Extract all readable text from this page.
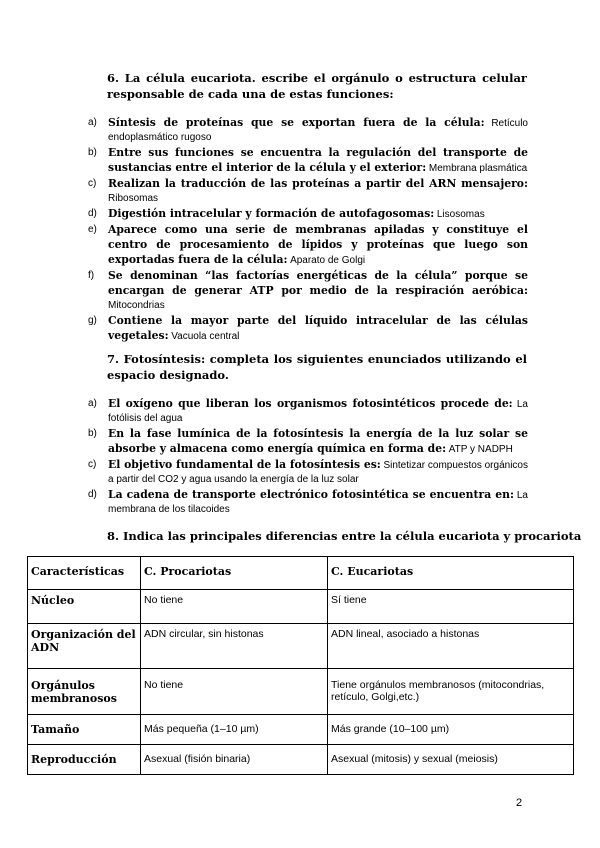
6. La célula eucariota. escribe el orgánulo o estructura celular responsable de cada una de estas funciones:
a) Síntesis de proteínas que se exportan fuera de la célula: Retículo endoplasmático rugoso
b) Entre sus funciones se encuentra la regulación del transporte de sustancias entre el interior de la célula y el exterior: Membrana plasmática
c) Realizan la traducción de las proteínas a partir del ARN mensajero: Ribosomas
d) Digestión intracelular y formación de autofagosomas: Lisosomas
e) Aparece como una serie de membranas apiladas y constituye el centro de procesamiento de lípidos y proteínas que luego son exportadas fuera de la célula: Aparato de Golgi
f) Se denominan “las factorías energéticas de la célula” porque se encargan de generar ATP por medio de la respiración aeróbica: Mitocondrias
g) Contiene la mayor parte del líquido intracelular de las células vegetales: Vacuola central
7. Fotosíntesis: completa los siguientes enunciados utilizando el espacio designado.
a) El oxígeno que liberan los organismos fotosintéticos procede de: La fotólisis del agua
b) En la fase lumínica de la fotosíntesis la energía de la luz solar se absorbe y almacena como energía química en forma de: ATP y NADPH
c) El objetivo fundamental de la fotosíntesis es: Sintetizar compuestos orgánicos a partir del CO2 y agua usando la energía de la luz solar
d) La cadena de transporte electrónico fotosintética se encuentra en: La membrana de los tilacoides
8. Indica las principales diferencias entre la célula eucariota y procariota
Características	C. Procariotas	C. Eucariotas
Núcleo	No tiene	Sí tiene
Organización del ADN	ADN circular, sin histonas	ADN lineal, asociado a histonas
Orgánulos membranosos	No tiene	Tiene orgánulos membranosos (mitocondrias, retículo, Golgi,etc.)
Tamaño	Más pequeña (1–10 µm)	Más grande (10–100 µm)
Reproducción	Asexual (fisión binaria)	Asexual (mitosis) y sexual (meiosis)
2
